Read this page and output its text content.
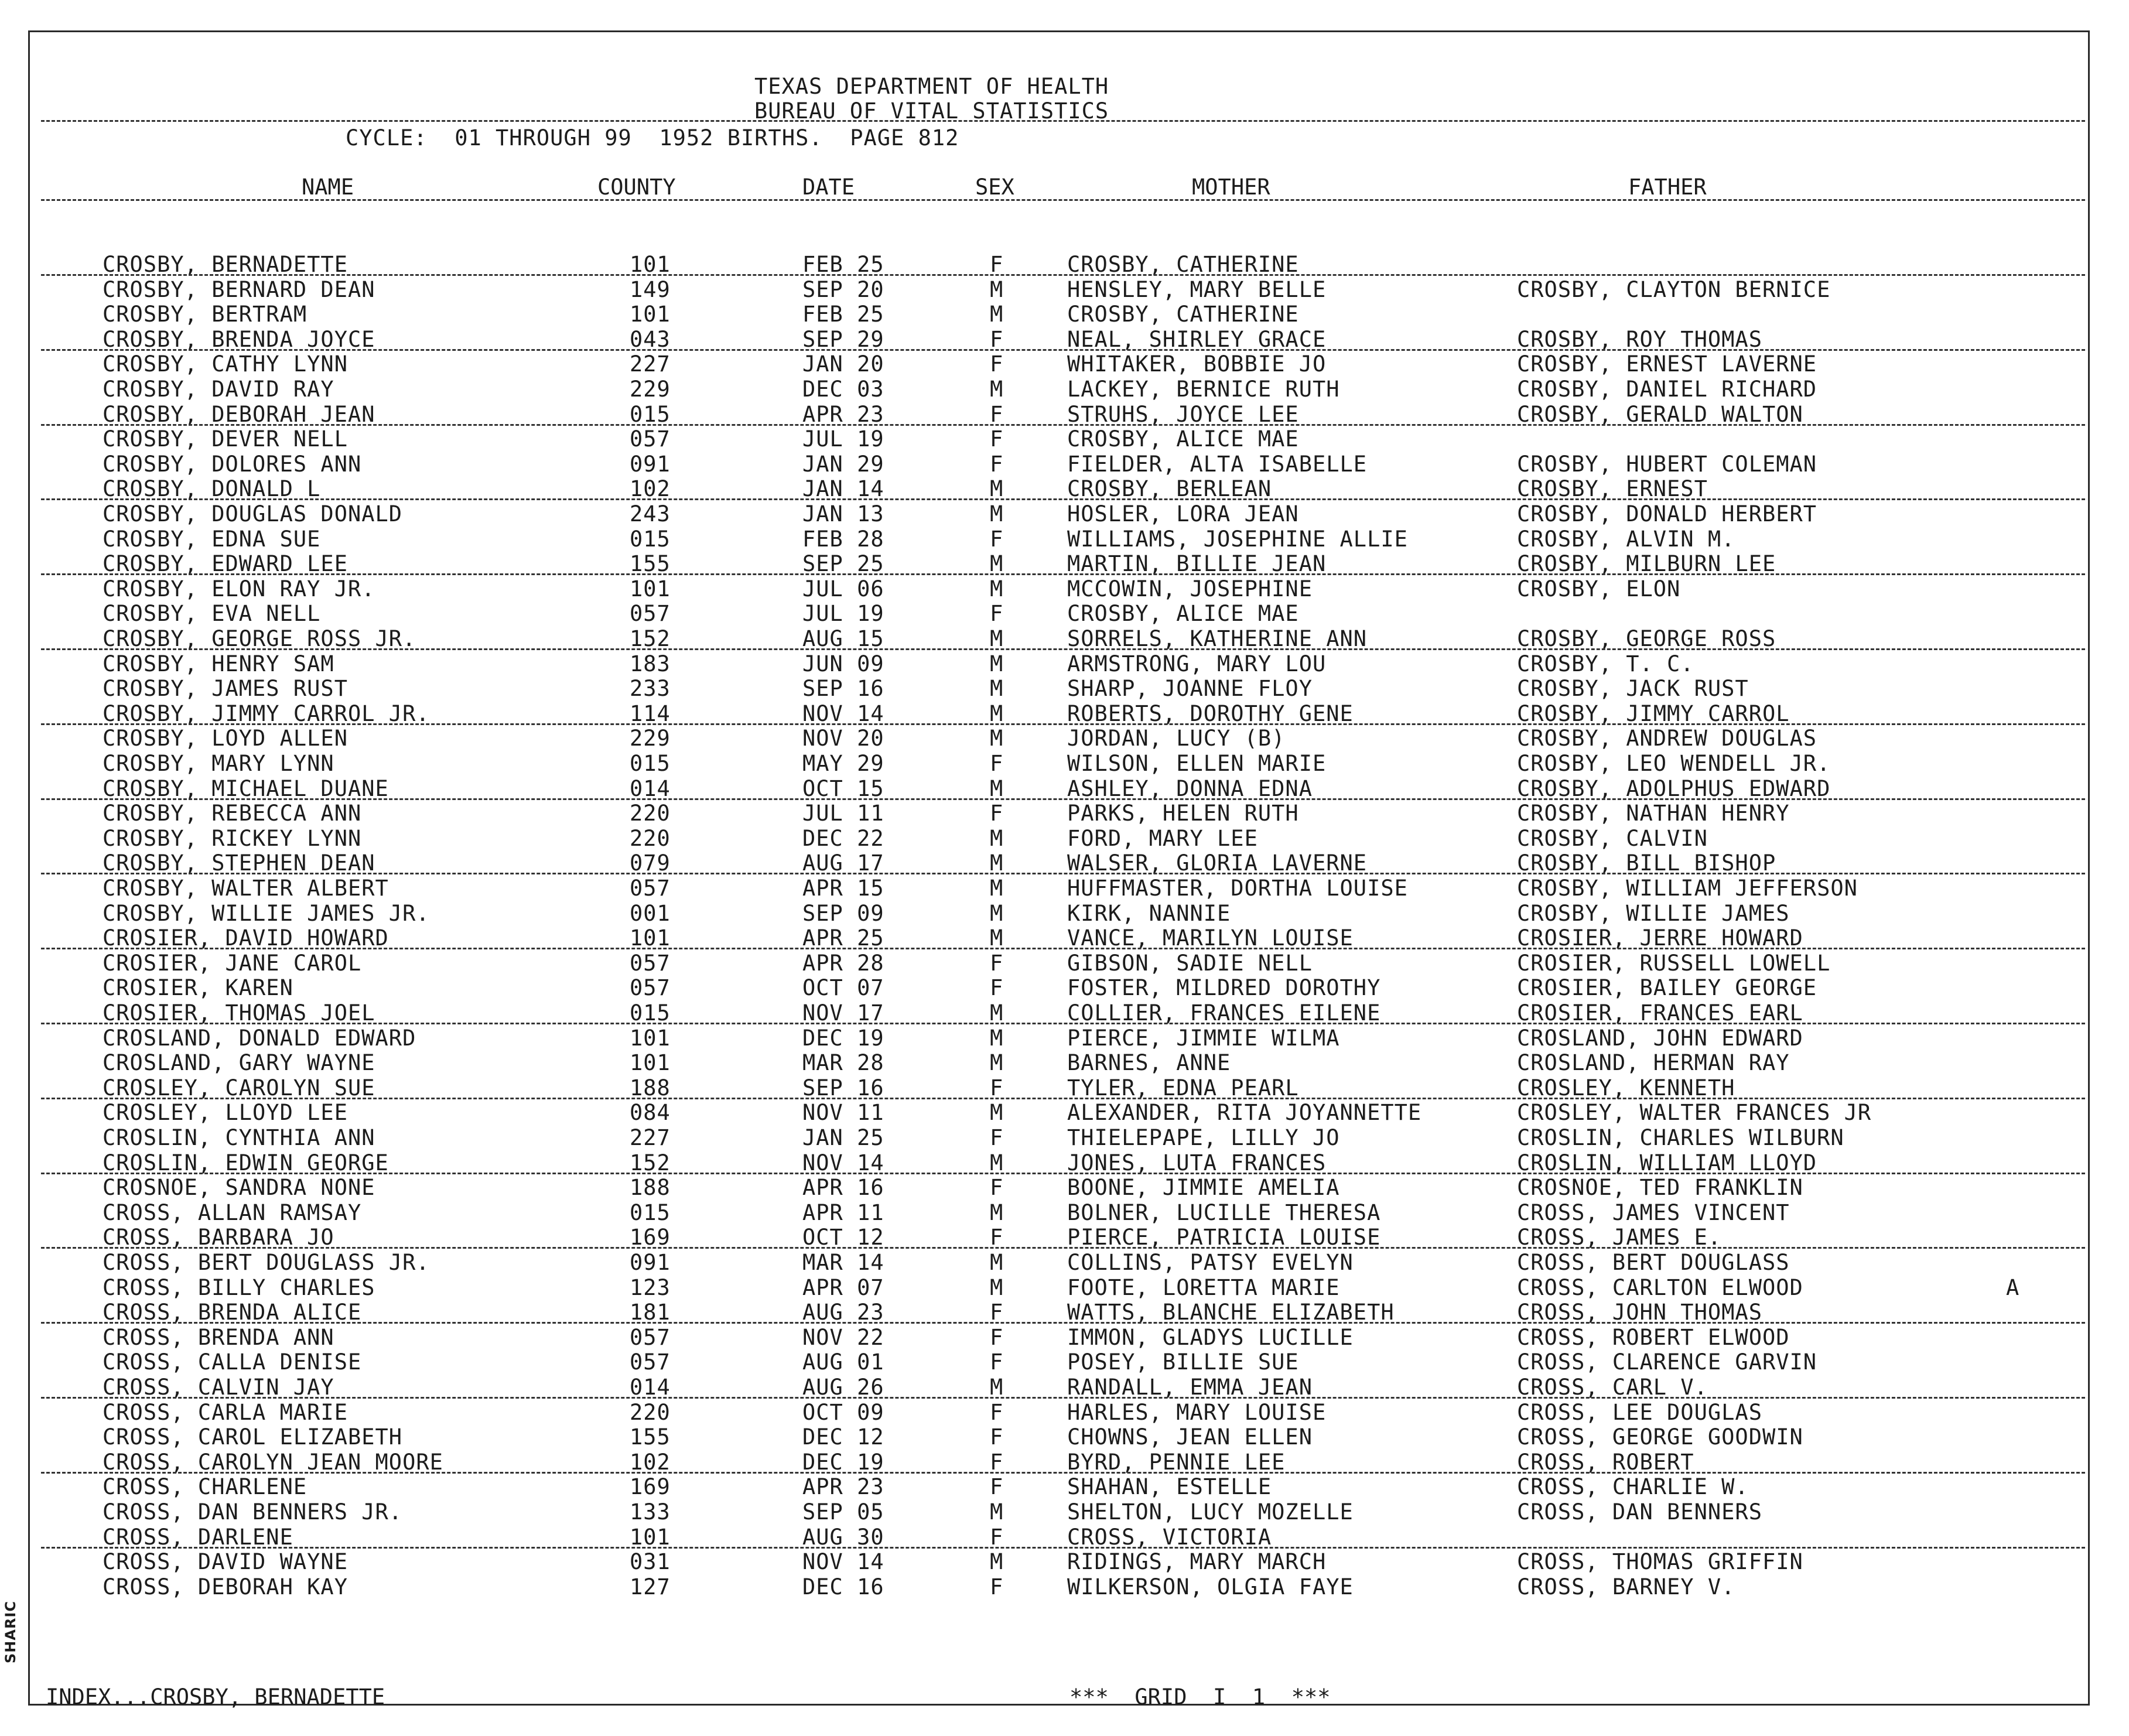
SHARIC
TEXAS DEPARTMENT OF HEALTH
BUREAU OF VITAL STATISTICS
CYCLE:  01 THROUGH 99  1952 BIRTHS.  PAGE 812
NAME	COUNTY	DATE	SEX	MOTHER	FATHER
CROSBY, BERNADETTE	101	FEB 25	F	CROSBY, CATHERINE
CROSBY, BERNARD DEAN	149	SEP 20	M	HENSLEY, MARY BELLE	CROSBY, CLAYTON BERNICE
CROSBY, BERTRAM	101	FEB 25	M	CROSBY, CATHERINE
CROSBY, BRENDA JOYCE	043	SEP 29	F	NEAL, SHIRLEY GRACE	CROSBY, ROY THOMAS
CROSBY, CATHY LYNN	227	JAN 20	F	WHITAKER, BOBBIE JO	CROSBY, ERNEST LAVERNE
CROSBY, DAVID RAY	229	DEC 03	M	LACKEY, BERNICE RUTH	CROSBY, DANIEL RICHARD
CROSBY, DEBORAH JEAN	015	APR 23	F	STRUHS, JOYCE LEE	CROSBY, GERALD WALTON
CROSBY, DEVER NELL	057	JUL 19	F	CROSBY, ALICE MAE
CROSBY, DOLORES ANN	091	JAN 29	F	FIELDER, ALTA ISABELLE	CROSBY, HUBERT COLEMAN
CROSBY, DONALD L	102	JAN 14	M	CROSBY, BERLEAN	CROSBY, ERNEST
CROSBY, DOUGLAS DONALD	243	JAN 13	M	HOSLER, LORA JEAN	CROSBY, DONALD HERBERT
CROSBY, EDNA SUE	015	FEB 28	F	WILLIAMS, JOSEPHINE ALLIE	CROSBY, ALVIN M.
CROSBY, EDWARD LEE	155	SEP 25	M	MARTIN, BILLIE JEAN	CROSBY, MILBURN LEE
CROSBY, ELON RAY JR.	101	JUL 06	M	MCCOWIN, JOSEPHINE	CROSBY, ELON
CROSBY, EVA NELL	057	JUL 19	F	CROSBY, ALICE MAE
CROSBY, GEORGE ROSS JR.	152	AUG 15	M	SORRELS, KATHERINE ANN	CROSBY, GEORGE ROSS
CROSBY, HENRY SAM	183	JUN 09	M	ARMSTRONG, MARY LOU	CROSBY, T. C.
CROSBY, JAMES RUST	233	SEP 16	M	SHARP, JOANNE FLOY	CROSBY, JACK RUST
CROSBY, JIMMY CARROL JR.	114	NOV 14	M	ROBERTS, DOROTHY GENE	CROSBY, JIMMY CARROL
CROSBY, LOYD ALLEN	229	NOV 20	M	JORDAN, LUCY (B)	CROSBY, ANDREW DOUGLAS
CROSBY, MARY LYNN	015	MAY 29	F	WILSON, ELLEN MARIE	CROSBY, LEO WENDELL JR.
CROSBY, MICHAEL DUANE	014	OCT 15	M	ASHLEY, DONNA EDNA	CROSBY, ADOLPHUS EDWARD
CROSBY, REBECCA ANN	220	JUL 11	F	PARKS, HELEN RUTH	CROSBY, NATHAN HENRY
CROSBY, RICKEY LYNN	220	DEC 22	M	FORD, MARY LEE	CROSBY, CALVIN
CROSBY, STEPHEN DEAN	079	AUG 17	M	WALSER, GLORIA LAVERNE	CROSBY, BILL BISHOP
CROSBY, WALTER ALBERT	057	APR 15	M	HUFFMASTER, DORTHA LOUISE	CROSBY, WILLIAM JEFFERSON
CROSBY, WILLIE JAMES JR.	001	SEP 09	M	KIRK, NANNIE	CROSBY, WILLIE JAMES
CROSIER, DAVID HOWARD	101	APR 25	M	VANCE, MARILYN LOUISE	CROSIER, JERRE HOWARD
CROSIER, JANE CAROL	057	APR 28	F	GIBSON, SADIE NELL	CROSIER, RUSSELL LOWELL
CROSIER, KAREN	057	OCT 07	F	FOSTER, MILDRED DOROTHY	CROSIER, BAILEY GEORGE
CROSIER, THOMAS JOEL	015	NOV 17	M	COLLIER, FRANCES EILENE	CROSIER, FRANCES EARL
CROSLAND, DONALD EDWARD	101	DEC 19	M	PIERCE, JIMMIE WILMA	CROSLAND, JOHN EDWARD
CROSLAND, GARY WAYNE	101	MAR 28	M	BARNES, ANNE	CROSLAND, HERMAN RAY
CROSLEY, CAROLYN SUE	188	SEP 16	F	TYLER, EDNA PEARL	CROSLEY, KENNETH
CROSLEY, LLOYD LEE	084	NOV 11	M	ALEXANDER, RITA JOYANNETTE	CROSLEY, WALTER FRANCES JR
CROSLIN, CYNTHIA ANN	227	JAN 25	F	THIELEPAPE, LILLY JO	CROSLIN, CHARLES WILBURN
CROSLIN, EDWIN GEORGE	152	NOV 14	M	JONES, LUTA FRANCES	CROSLIN, WILLIAM LLOYD
CROSNOE, SANDRA NONE	188	APR 16	F	BOONE, JIMMIE AMELIA	CROSNOE, TED FRANKLIN
CROSS, ALLAN RAMSAY	015	APR 11	M	BOLNER, LUCILLE THERESA	CROSS, JAMES VINCENT
CROSS, BARBARA JO	169	OCT 12	F	PIERCE, PATRICIA LOUISE	CROSS, JAMES E.
CROSS, BERT DOUGLASS JR.	091	MAR 14	M	COLLINS, PATSY EVELYN	CROSS, BERT DOUGLASS
CROSS, BILLY CHARLES	123	APR 07	M	FOOTE, LORETTA MARIE	CROSS, CARLTON ELWOOD	A
CROSS, BRENDA ALICE	181	AUG 23	F	WATTS, BLANCHE ELIZABETH	CROSS, JOHN THOMAS
CROSS, BRENDA ANN	057	NOV 22	F	IMMON, GLADYS LUCILLE	CROSS, ROBERT ELWOOD
CROSS, CALLA DENISE	057	AUG 01	F	POSEY, BILLIE SUE	CROSS, CLARENCE GARVIN
CROSS, CALVIN JAY	014	AUG 26	M	RANDALL, EMMA JEAN	CROSS, CARL V.
CROSS, CARLA MARIE	220	OCT 09	F	HARLES, MARY LOUISE	CROSS, LEE DOUGLAS
CROSS, CAROL ELIZABETH	155	DEC 12	F	CHOWNS, JEAN ELLEN	CROSS, GEORGE GOODWIN
CROSS, CAROLYN JEAN MOORE	102	DEC 19	F	BYRD, PENNIE LEE	CROSS, ROBERT
CROSS, CHARLENE	169	APR 23	F	SHAHAN, ESTELLE	CROSS, CHARLIE W.
CROSS, DAN BENNERS JR.	133	SEP 05	M	SHELTON, LUCY MOZELLE	CROSS, DAN BENNERS
CROSS, DARLENE	101	AUG 30	F	CROSS, VICTORIA
CROSS, DAVID WAYNE	031	NOV 14	M	RIDINGS, MARY MARCH	CROSS, THOMAS GRIFFIN
CROSS, DEBORAH KAY	127	DEC 16	F	WILKERSON, OLGIA FAYE	CROSS, BARNEY V.
INDEX...CROSBY, BERNADETTE	***  GRID  I  1  ***
